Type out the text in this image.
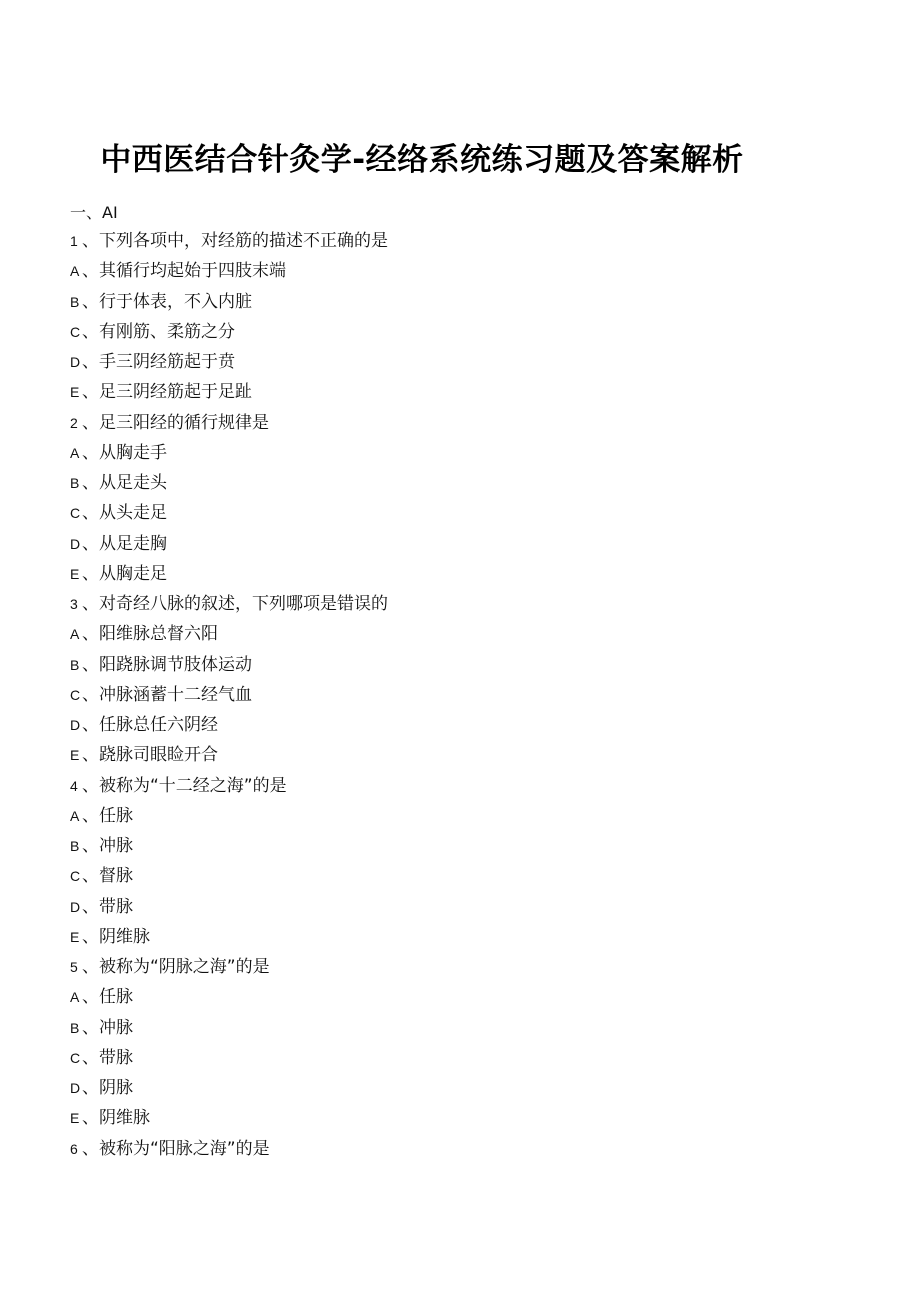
中西医结合针灸学-经络系统练习题及答案解析
一、AI
1 、下列各项中，对经筋的描述不正确的是
A 、其循行均起始于四肢末端
B 、行于体表，不入内脏
C 、有刚筋、柔筋之分
D 、手三阴经筋起于贲
E 、足三阴经筋起于足趾
2 、足三阳经的循行规律是
A 、从胸走手
B 、从足走头
C 、从头走足
D 、从足走胸
E 、从胸走足
3 、对奇经八脉的叙述，下列哪项是错误的
A 、阳维脉总督六阳
B 、阳跷脉调节肢体运动
C 、冲脉涵蓄十二经气血
D 、任脉总任六阴经
E 、跷脉司眼睑开合
4 、被称为“十二经之海”的是
A 、任脉
B 、冲脉
C 、督脉
D 、带脉
E 、阴维脉
5 、被称为“阴脉之海”的是
A 、任脉
B 、冲脉
C 、带脉
D 、阴脉
E 、阴维脉
6 、被称为“阳脉之海”的是
